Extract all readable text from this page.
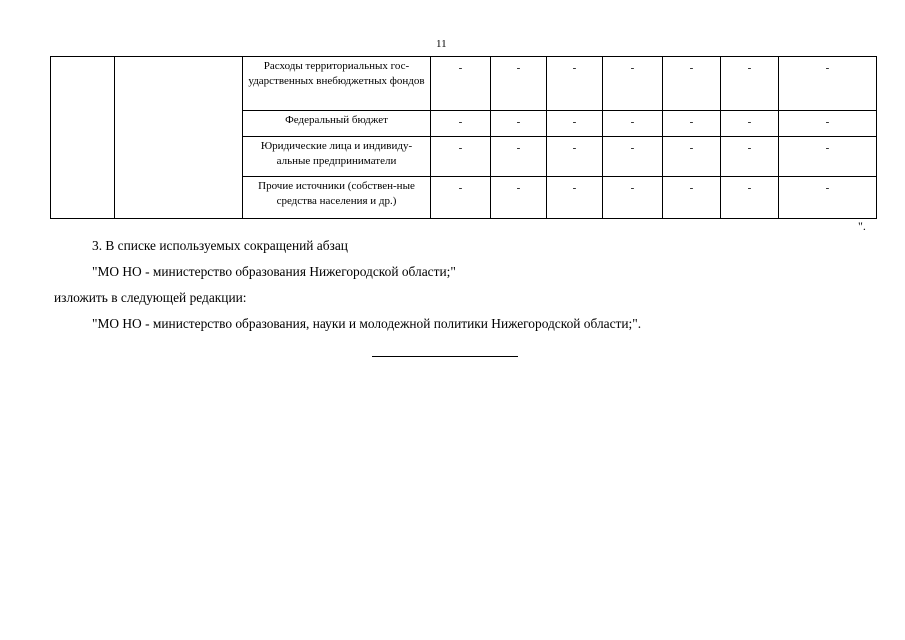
11
		Расходы территориальных гос-ударственных внебюджетных фондов	-	-	-	-	-	-	-
		Федеральный бюджет	-	-	-	-	-	-	-
		Юридические лица и индивиду-альные предприниматели	-	-	-	-	-	-	-
		Прочие источники (собствен-ные средства населения и др.)	-	-	-	-	-	-	-
".
3. В списке используемых сокращений абзац
"МО НО - министерство образования Нижегородской области;"
изложить в следующей редакции:
"МО НО - министерство образования, науки и молодежной политики Нижегородской области;".
